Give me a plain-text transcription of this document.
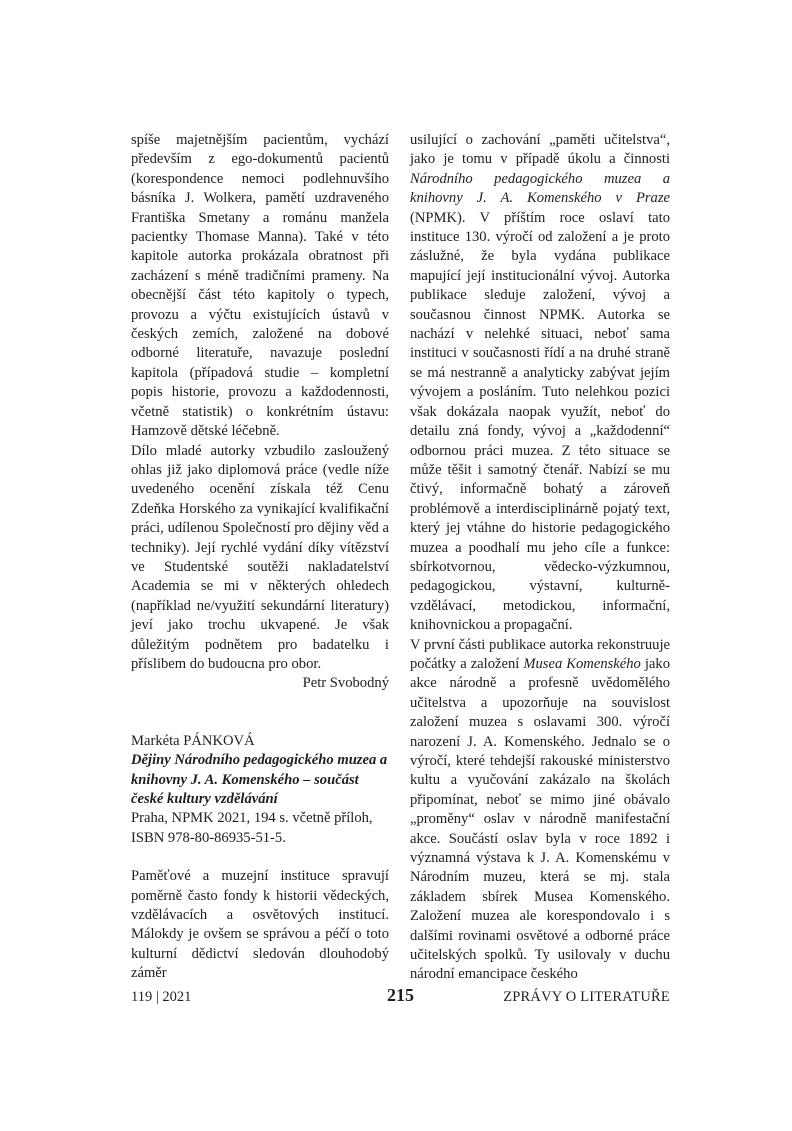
spíše majetnějším pacientům, vychází především z ego-dokumentů pacientů (korespondence nemoci podlehnuvšího básníka J. Wolkera, pamětí uzdraveného Františka Smetany a románu manžela pacientky Thomase Manna). Také v této kapitole autorka prokázala obratnost při zacházení s méně tradičními prameny. Na obecnější část této kapitoly o typech, provozu a výčtu existujících ústavů v českých zemích, založené na dobové odborné literatuře, navazuje poslední kapitola (případová studie – kompletní popis historie, provozu a každodennosti, včetně statistik) o konkrétním ústavu: Hamzově dětské léčebně.

Dílo mladé autorky vzbudilo zasloužený ohlas již jako diplomová práce (vedle níže uvedeného ocenění získala též Cenu Zdeňka Horského za vynikající kvalifikační práci, udílenou Společností pro dějiny věd a techniky). Její rychlé vydání díky vítězství ve Studentské soutěži nakladatelství Academia se mi v některých ohledech (například ne/využití sekundární literatury) jeví jako trochu ukvapené. Je však důležitým podnětem pro badatelku i příslibem do budoucna pro obor.

Petr Svobodný

Markéta PÁNKOVÁ
Dějiny Národního pedagogického muzea a knihovny J. A. Komenského – součást české kultury vzdělávání
Praha, NPMK 2021, 194 s. včetně příloh, ISBN 978-80-86935-51-5.

Paměťové a muzejní instituce spravují poměrně často fondy k historii vědeckých, vzdělávacích a osvětových institucí. Málokdy je ovšem se správou a péčí o toto kulturní dědictví sledován dlouhodobý záměr

usilující o zachování „paměti učitelstva“, jako je tomu v případě úkolu a činnosti Národního pedagogického muzea a knihovny J. A. Komenského v Praze (NPMK). V příštím roce oslaví tato instituce 130. výročí od založení a je proto záslužné, že byla vydána publikace mapující její institucionální vývoj. Autorka publikace sleduje založení, vývoj a současnou činnost NPMK. Autorka se nachází v nelehké situaci, neboť sama instituci v současnosti řídí a na druhé straně se má nestranně a analyticky zabývat jejím vývojem a posláním. Tuto nelehkou pozici však dokázala naopak využít, neboť do detailu zná fondy, vývoj a „každodenní“ odbornou práci muzea. Z této situace se může těšit i samotný čtenář. Nabízí se mu čtivý, informačně bohatý a zároveň problémově a interdisciplinárně pojatý text, který jej vtáhne do historie pedagogického muzea a poodhalí mu jeho cíle a funkce: sbírkotvornou, vědecko-výzkumnou, pedagogickou, výstavní, kulturně-vzdělávací, metodickou, informační, knihovnickou a propagační.

V první části publikace autorka rekonstruuje počátky a založení Musea Komenského jako akce národně a profesně uvědomělého učitelstva a upozorňuje na souvislost založení muzea s oslavami 300. výročí narození J. A. Komenského. Jednalo se o výročí, které tehdejší rakouské ministerstvo kultu a vyučování zakázalo na školách připomínat, neboť se mimo jiné obávalo „proměny“ oslav v národně manifestační akce. Součástí oslav byla v roce 1892 i významná výstava k J. A. Komenskému v Národním muzeu, která se mj. stala základem sbírek Musea Komenského. Založení muzea ale korespondovalo i s dalšími rovinami osvětové a odborné práce učitelských spolků. Ty usilovaly v duchu národní emancipace českého

119 | 2021	215	ZPRÁVY O LITERATUŘE
